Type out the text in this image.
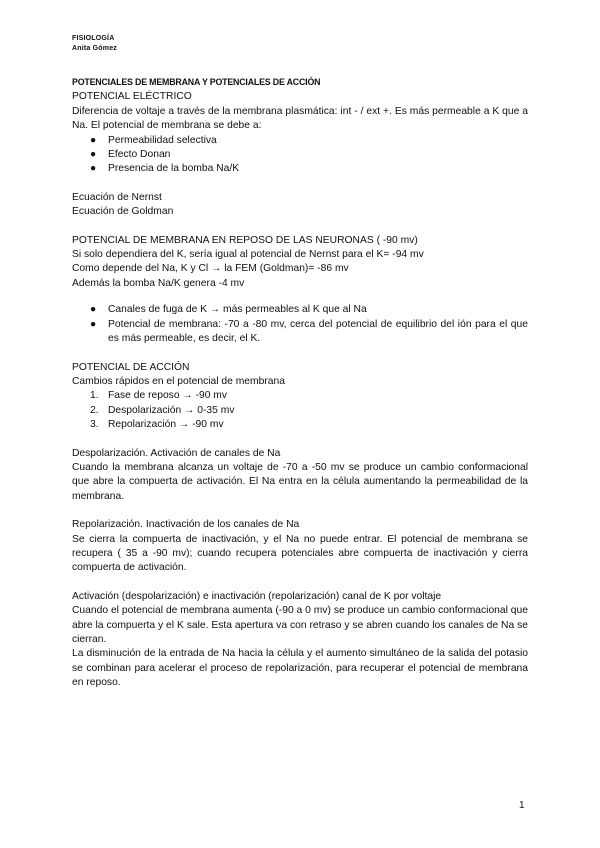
FISIOLOGÍA
Anita Gómez

POTENCIALES DE MEMBRANA Y POTENCIALES DE ACCIÓN

POTENCIAL ELÉCTRICO

Diferencia de voltaje a través de la membrana plasmática: int - / ext +. Es más permeable a K que a Na. El potencial de membrana se debe a:

● Permeabilidad selectiva
● Efecto Donan
● Presencia de la bomba Na/K

Ecuación de Nernst

Ecuación de Goldman

POTENCIAL DE MEMBRANA EN REPOSO DE LAS NEURONAS ( -90 mv)

Si solo dependiera del K, sería igual al potencial de Nernst para el K= -94 mv

Como depende del Na, K y Cl → la FEM (Goldman)= -86 mv

Además la bomba Na/K genera -4 mv

● Canales de fuga de K → más permeables al K que al Na
● Potencial de membrana: -70 a -80 mv, cerca del potencial de equilibrio del ión para el que es más permeable, es decir, el K.

POTENCIAL DE ACCIÓN

Cambios rápidos en el potencial de membrana

1. Fase de reposo → -90 mv
2. Despolarización → 0-35 mv
3. Repolarización → -90 mv

Despolarización. Activación de canales de Na

Cuando la membrana alcanza un voltaje de -70 a -50 mv se produce un cambio conformacional que abre la compuerta de activación. El Na entra en la célula aumentando la permeabilidad de la membrana.

Repolarización. Inactivación de los canales de Na

Se cierra la compuerta de inactivación, y el Na no puede entrar. El potencial de membrana se recupera ( 35 a -90 mv); cuando recupera potenciales abre compuerta de inactivación y cierra compuerta de activación.

Activación (despolarización) e inactivación (repolarización) canal de K por voltaje

Cuando el potencial de membrana aumenta (-90 a 0 mv) se produce un cambio conformacional que abre la compuerta y el K sale. Esta apertura va con retraso y se abren cuando los canales de Na se cierran.

La disminución de la entrada de Na hacia la célula y el aumento simultáneo de la salida del potasio se combinan para acelerar el proceso de repolarización, para recuperar el potencial de membrana en reposo.

1
